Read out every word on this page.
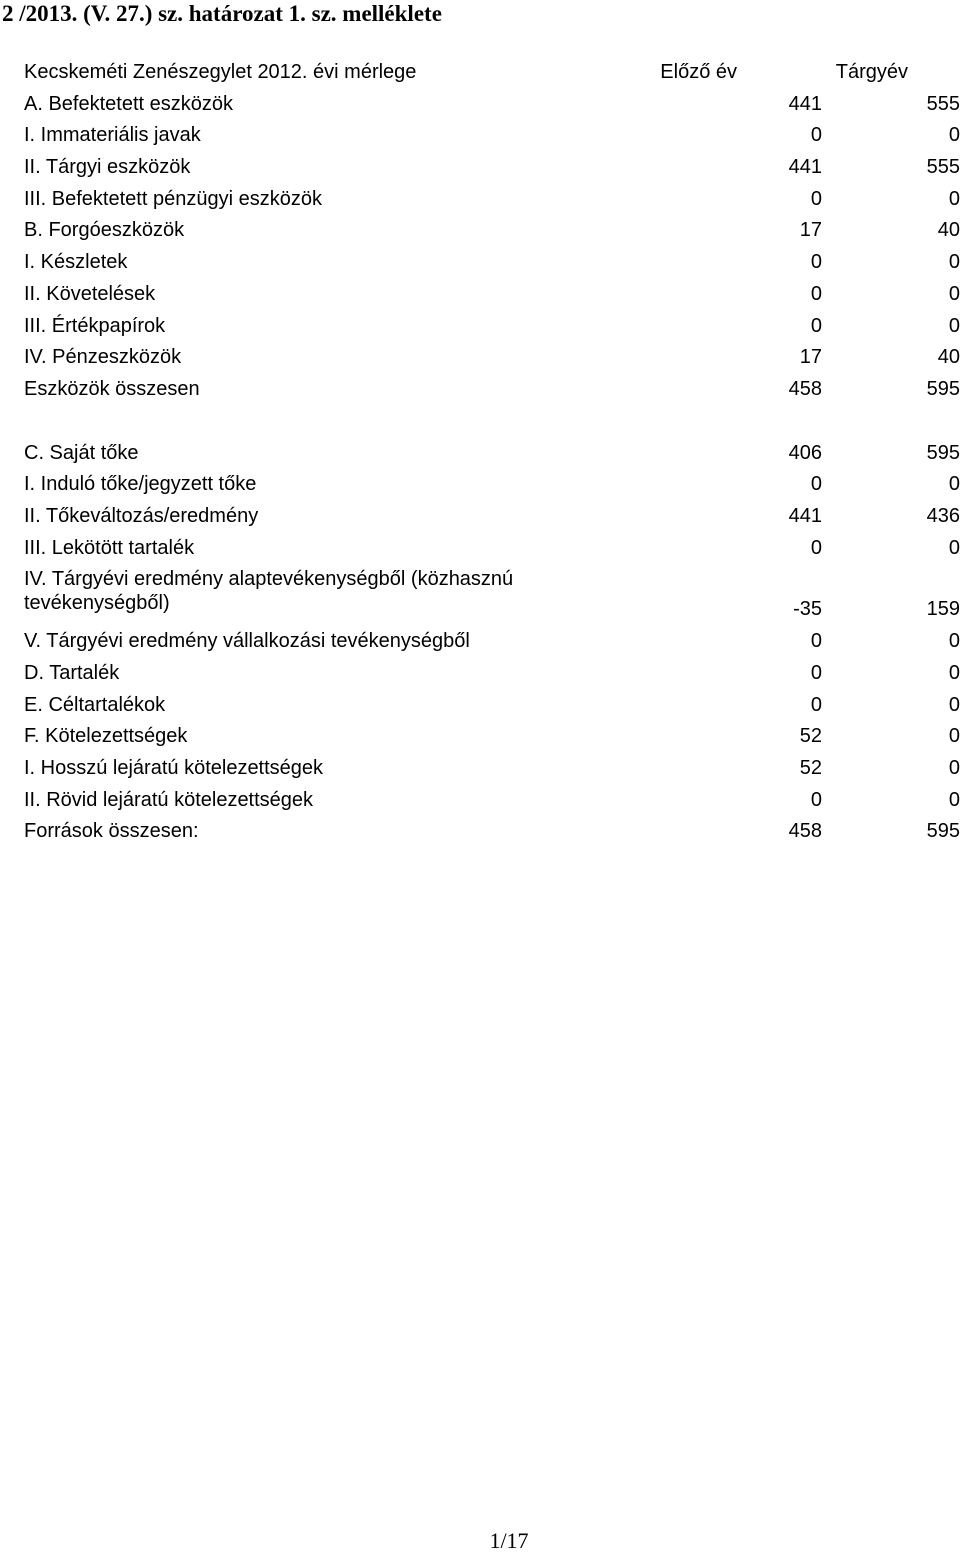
2 /2013. (V. 27.) sz. határozat 1. sz. melléklete
Kecskeméti Zenészegylet 2012. évi mérlege	Előző év	Tárgyév
A. Befektetett eszközök	441	555
I. Immateriális javak	0	0
II. Tárgyi eszközök	441	555
III. Befektetett pénzügyi eszközök	0	0
B. Forgóeszközök	17	40
I. Készletek	0	0
II. Követelések	0	0
III. Értékpapírok	0	0
IV. Pénzeszközök	17	40
Eszközök összesen	458	595
C. Saját tőke	406	595
I. Induló tőke/jegyzett tőke	0	0
II. Tőkeváltozás/eredmény	441	436
III. Lekötött tartalék	0	0
IV. Tárgyévi eredmény alaptevékenységből (közhasznú tevékenységből)	-35	159
V. Tárgyévi eredmény vállalkozási tevékenységből	0	0
D. Tartalék	0	0
E. Céltartalékok	0	0
F. Kötelezettségek	52	0
I. Hosszú lejáratú kötelezettségek	52	0
II. Rövid lejáratú kötelezettségek	0	0
Források összesen:	458	595
1/17
